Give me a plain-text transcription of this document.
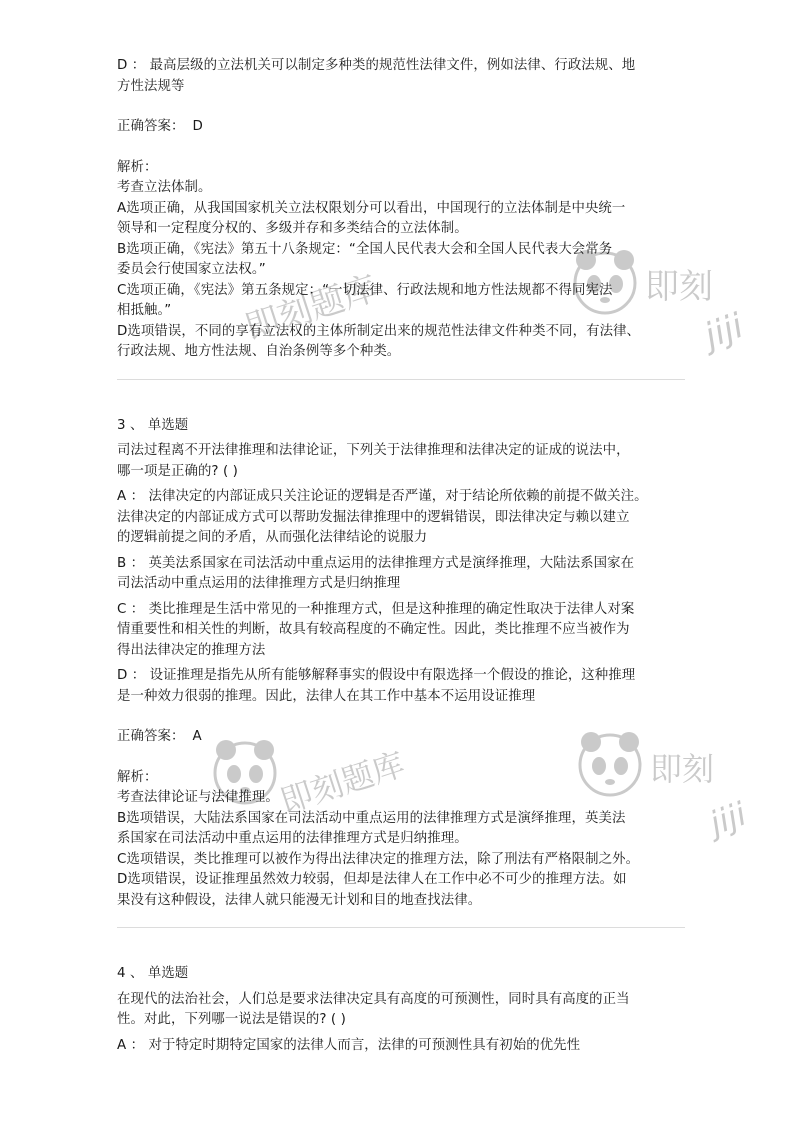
即刻
jiji
即刻题库
即刻题库	即刻
jiji
D ： 最高层级的立法机关可以制定多种类的规范性法律文件，例如法律、行政法规、地
方性法规等
正确答案： D
解析：
考查立法体制。
A选项正确，从我国国家机关立法权限划分可以看出，中国现行的立法体制是中央统一
领导和一定程度分权的、多级并存和多类结合的立法体制。
B选项正确，《宪法》第五十八条规定：“全国人民代表大会和全国人民代表大会常务
委员会行使国家立法权。”
C选项正确，《宪法》第五条规定：“一切法律、行政法规和地方性法规都不得同宪法
相抵触。”
D选项错误，不同的享有立法权的主体所制定出来的规范性法律文件种类不同，有法律、
行政法规、地方性法规、自治条例等多个种类。
3 、 单选题
司法过程离不开法律推理和法律论证，下列关于法律推理和法律决定的证成的说法中，
哪一项是正确的? ( )
A ： 法律决定的内部证成只关注论证的逻辑是否严谨，对于结论所依赖的前提不做关注。
法律决定的内部证成方式可以帮助发掘法律推理中的逻辑错误，即法律决定与赖以建立
的逻辑前提之间的矛盾，从而强化法律结论的说服力
B ： 英美法系国家在司法活动中重点运用的法律推理方式是演绎推理，大陆法系国家在
司法活动中重点运用的法律推理方式是归纳推理
C ： 类比推理是生活中常见的一种推理方式，但是这种推理的确定性取决于法律人对案
情重要性和相关性的判断，故具有较高程度的不确定性。因此，类比推理不应当被作为
得出法律决定的推理方法
D ： 设证推理是指先从所有能够解释事实的假设中有限选择一个假设的推论，这种推理
是一种效力很弱的推理。因此，法律人在其工作中基本不运用设证推理
正确答案： A
解析：
考查法律论证与法律推理。
B选项错误，大陆法系国家在司法活动中重点运用的法律推理方式是演绎推理，英美法
系国家在司法活动中重点运用的法律推理方式是归纳推理。
C选项错误，类比推理可以被作为得出法律决定的推理方法，除了刑法有严格限制之外。
D选项错误，设证推理虽然效力较弱，但却是法律人在工作中必不可少的推理方法。如
果没有这种假设，法律人就只能漫无计划和目的地查找法律。
4 、 单选题
在现代的法治社会，人们总是要求法律决定具有高度的可预测性，同时具有高度的正当
性。对此，下列哪一说法是错误的? ( )
A ： 对于特定时期特定国家的法律人而言，法律的可预测性具有初始的优先性
